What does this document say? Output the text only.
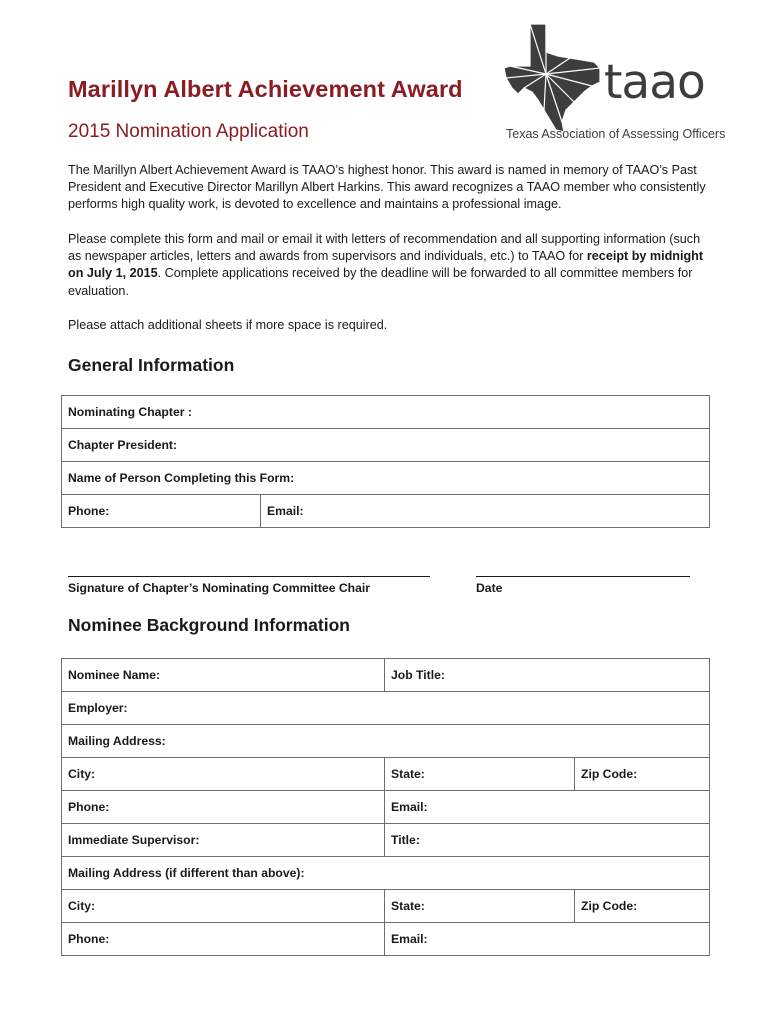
Marillyn Albert Achievement Award
2015 Nomination Application
taao
Texas Association of Assessing Officers
The Marillyn Albert Achievement Award is TAAO’s highest honor. This award is named in memory of TAAO’s Past President and Executive Director Marillyn Albert Harkins. This award recognizes a TAAO member who consistently performs high quality work, is devoted to excellence and maintains a professional image.
Please complete this form and mail or email it with letters of recommendation and all supporting information (such as newspaper articles, letters and awards from supervisors and individuals, etc.) to TAAO for receipt by midnight on July 1, 2015. Complete applications received by the deadline will be forwarded to all committee members for evaluation.
Please attach additional sheets if more space is required.
General Information
Nominating Chapter :
Chapter President:
Name of Person Completing this Form:
Phone:	Email:
Signature of Chapter’s Nominating Committee Chair	Date
Nominee Background Information
Nominee Name:	Job Title:	
Employer:		
Mailing Address:		
City:	State:	Zip Code:
Phone:	Email:	
Immediate Supervisor:	Title:	
Mailing Address (if different than above):		
City:	State:	Zip Code:
Phone:	Email:	
